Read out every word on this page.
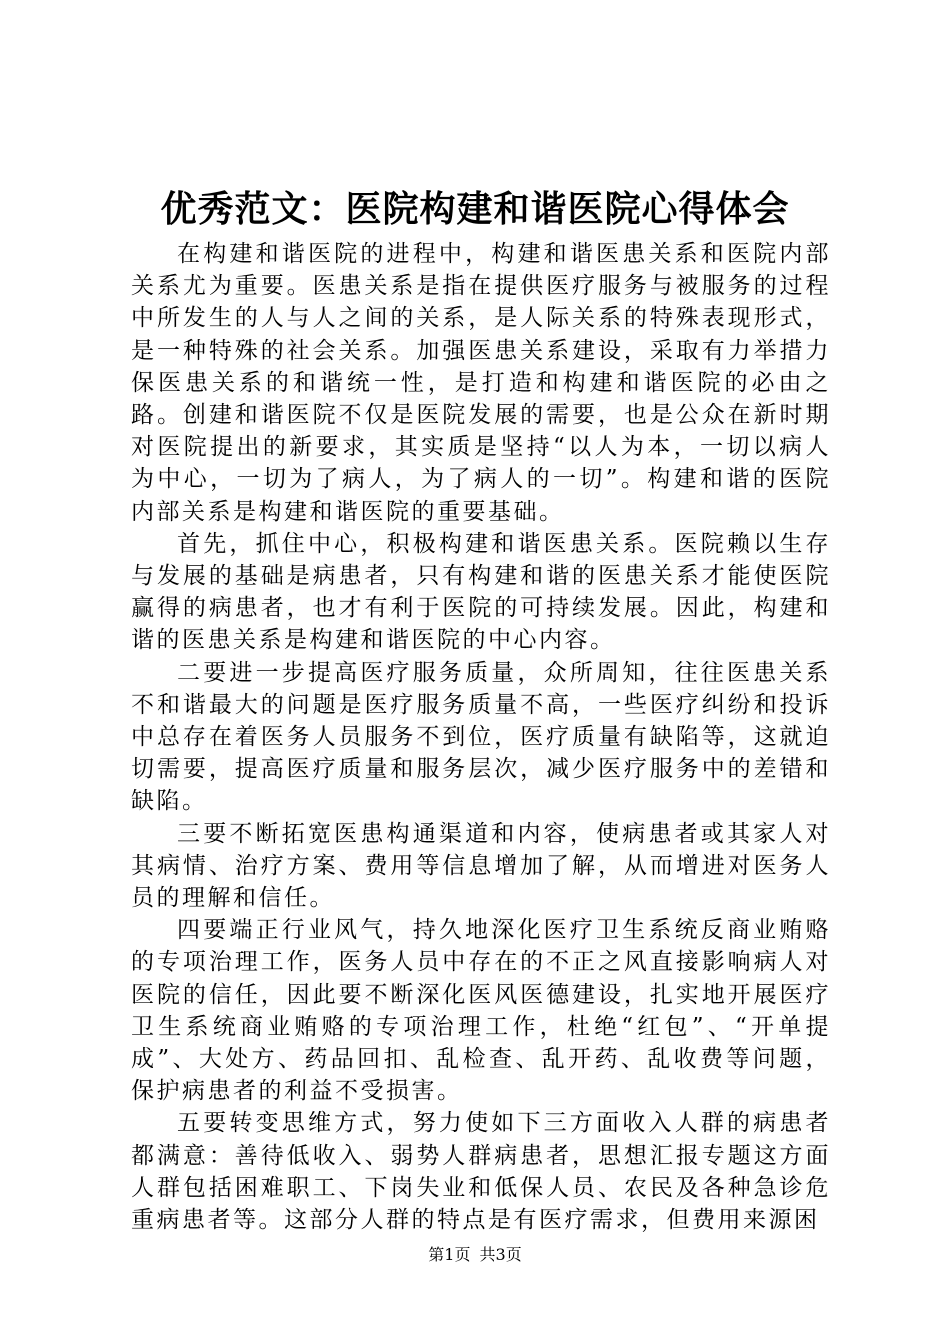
优秀范文：医院构建和谐医院心得体会

在构建和谐医院的进程中，构建和谐医患关系和医院内部关系尤为重要。医患关系是指在提供医疗服务与被服务的过程中所发生的人与人之间的关系，是人际关系的特殊表现形式，是一种特殊的社会关系。加强医患关系建设，采取有力举措力保医患关系的和谐统一性，是打造和构建和谐医院的必由之路。创建和谐医院不仅是医院发展的需要，也是公众在新时期对医院提出的新要求，其实质是坚持“以人为本，一切以病人为中心，一切为了病人，为了病人的一切”。构建和谐的医院内部关系是构建和谐医院的重要基础。

首先，抓住中心，积极构建和谐医患关系。医院赖以生存与发展的基础是病患者，只有构建和谐的医患关系才能使医院赢得的病患者，也才有利于医院的可持续发展。因此，构建和谐的医患关系是构建和谐医院的中心内容。

二要进一步提高医疗服务质量，众所周知，往往医患关系不和谐最大的问题是医疗服务质量不高，一些医疗纠纷和投诉中总存在着医务人员服务不到位，医疗质量有缺陷等，这就迫切需要，提高医疗质量和服务层次，减少医疗服务中的差错和缺陷。

三要不断拓宽医患构通渠道和内容，使病患者或其家人对其病情、治疗方案、费用等信息增加了解，从而增进对医务人员的理解和信任。

四要端正行业风气，持久地深化医疗卫生系统反商业贿赂的专项治理工作，医务人员中存在的不正之风直接影响病人对医院的信任，因此要不断深化医风医德建设，扎实地开展医疗卫生系统商业贿赂的专项治理工作，杜绝“红包”、“开单提成”、大处方、药品回扣、乱检查、乱开药、乱收费等问题，保护病患者的利益不受损害。

五要转变思维方式，努力使如下三方面收入人群的病患者都满意：善待低收入、弱势人群病患者，思想汇报专题这方面人群包括困难职工、下岗失业和低保人员、农民及各种急诊危重病患者等。这部分人群的特点是有医疗需求，但费用来源困

第1页 共3页
